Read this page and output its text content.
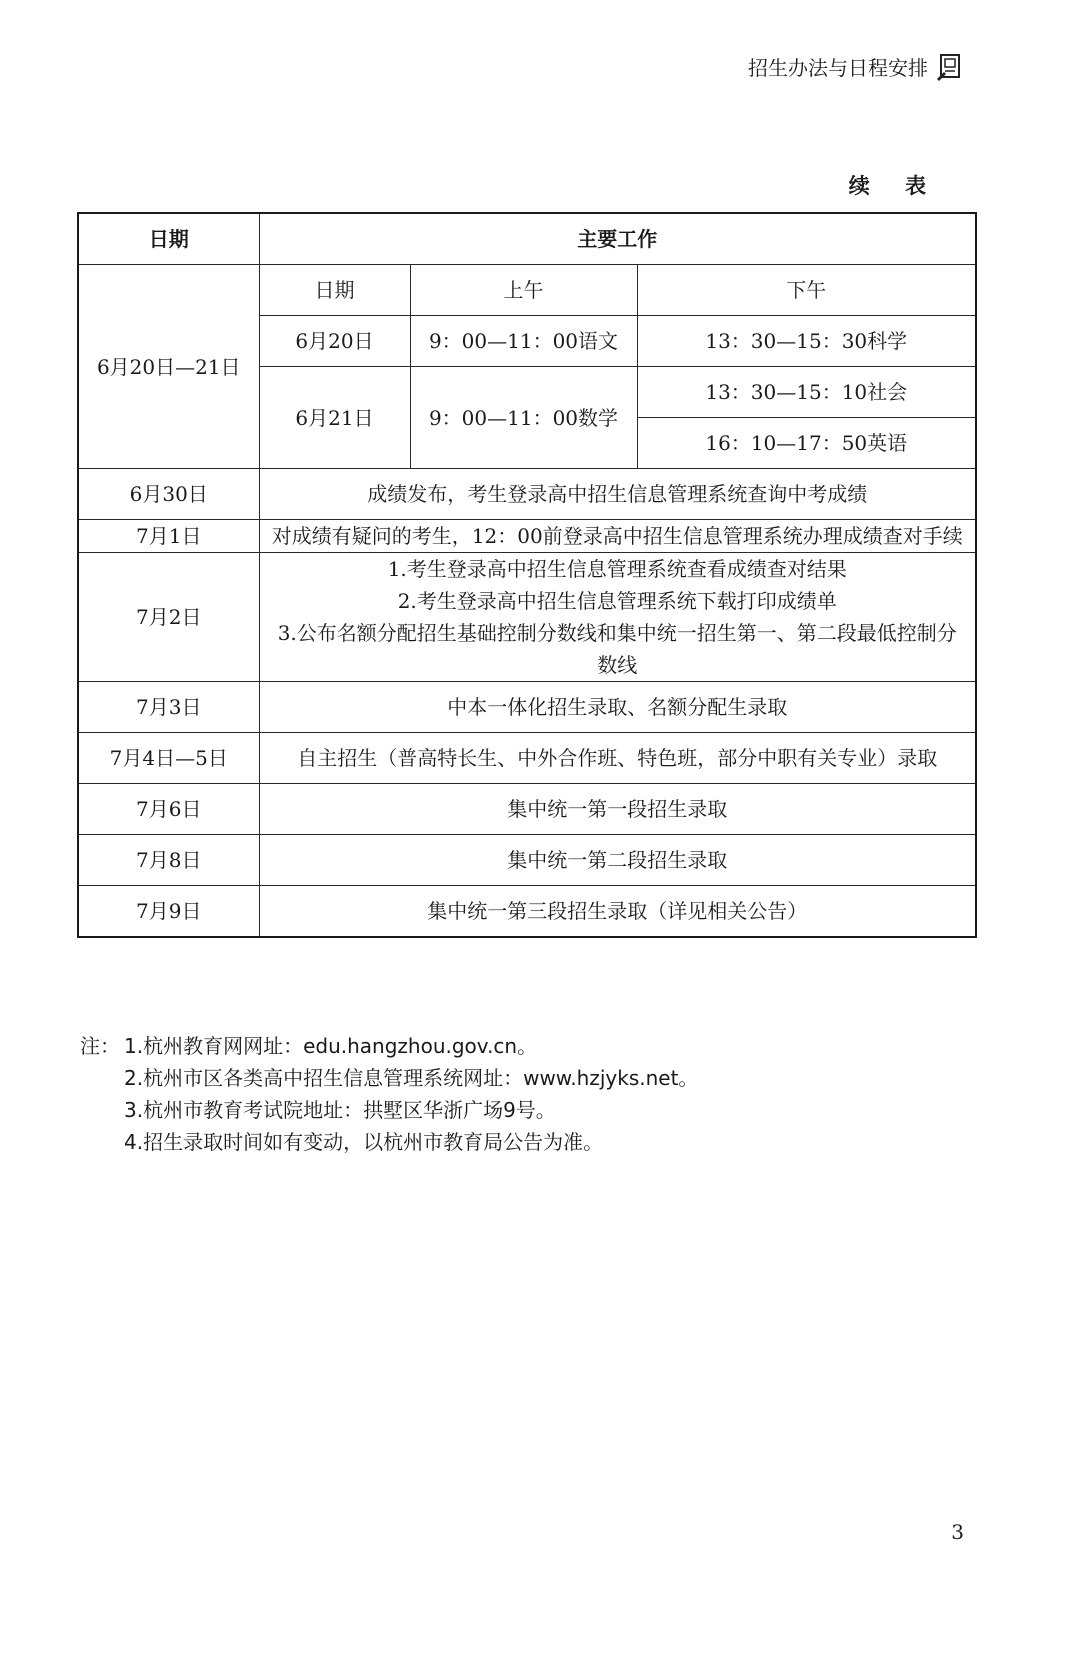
招生办法与日程安排
续 表
日期	主要工作		
6月20日—21日	日期	上午	下午
	6月20日	9：00—11：00语文	13：30—15：30科学
	6月21日	9：00—11：00数学	13：30—15：10社会
			16：10—17：50英语
6月30日	成绩发布，考生登录高中招生信息管理系统查询中考成绩		

7月1日	对成绩有疑问的考生，12：00前登录高中招生信息管理系统办理成绩查对手续		

7月2日	1.考生登录高中招生信息管理系统查看成绩查对结果
2.考生登录高中招生信息管理系统下载打印成绩单
3.公布名额分配招生基础控制分数线和集中统一招生第一、第二段最低控制分数线		

7月3日	中本一体化招生录取、名额分配生录取		

7月4日—5日	自主招生（普高特长生、中外合作班、特色班，部分中职有关专业）录取		

7月6日	集中统一第一段招生录取		

7月8日	集中统一第二段招生录取		

7月9日	集中统一第三段招生录取（详见相关公告）		
注： 1.杭州教育网网址：edu.hangzhou.gov.cn。
2.杭州市区各类高中招生信息管理系统网址：www.hzjyks.net。
3.杭州市教育考试院地址：拱墅区华浙广场9号。
4.招生录取时间如有变动，以杭州市教育局公告为准。
3
